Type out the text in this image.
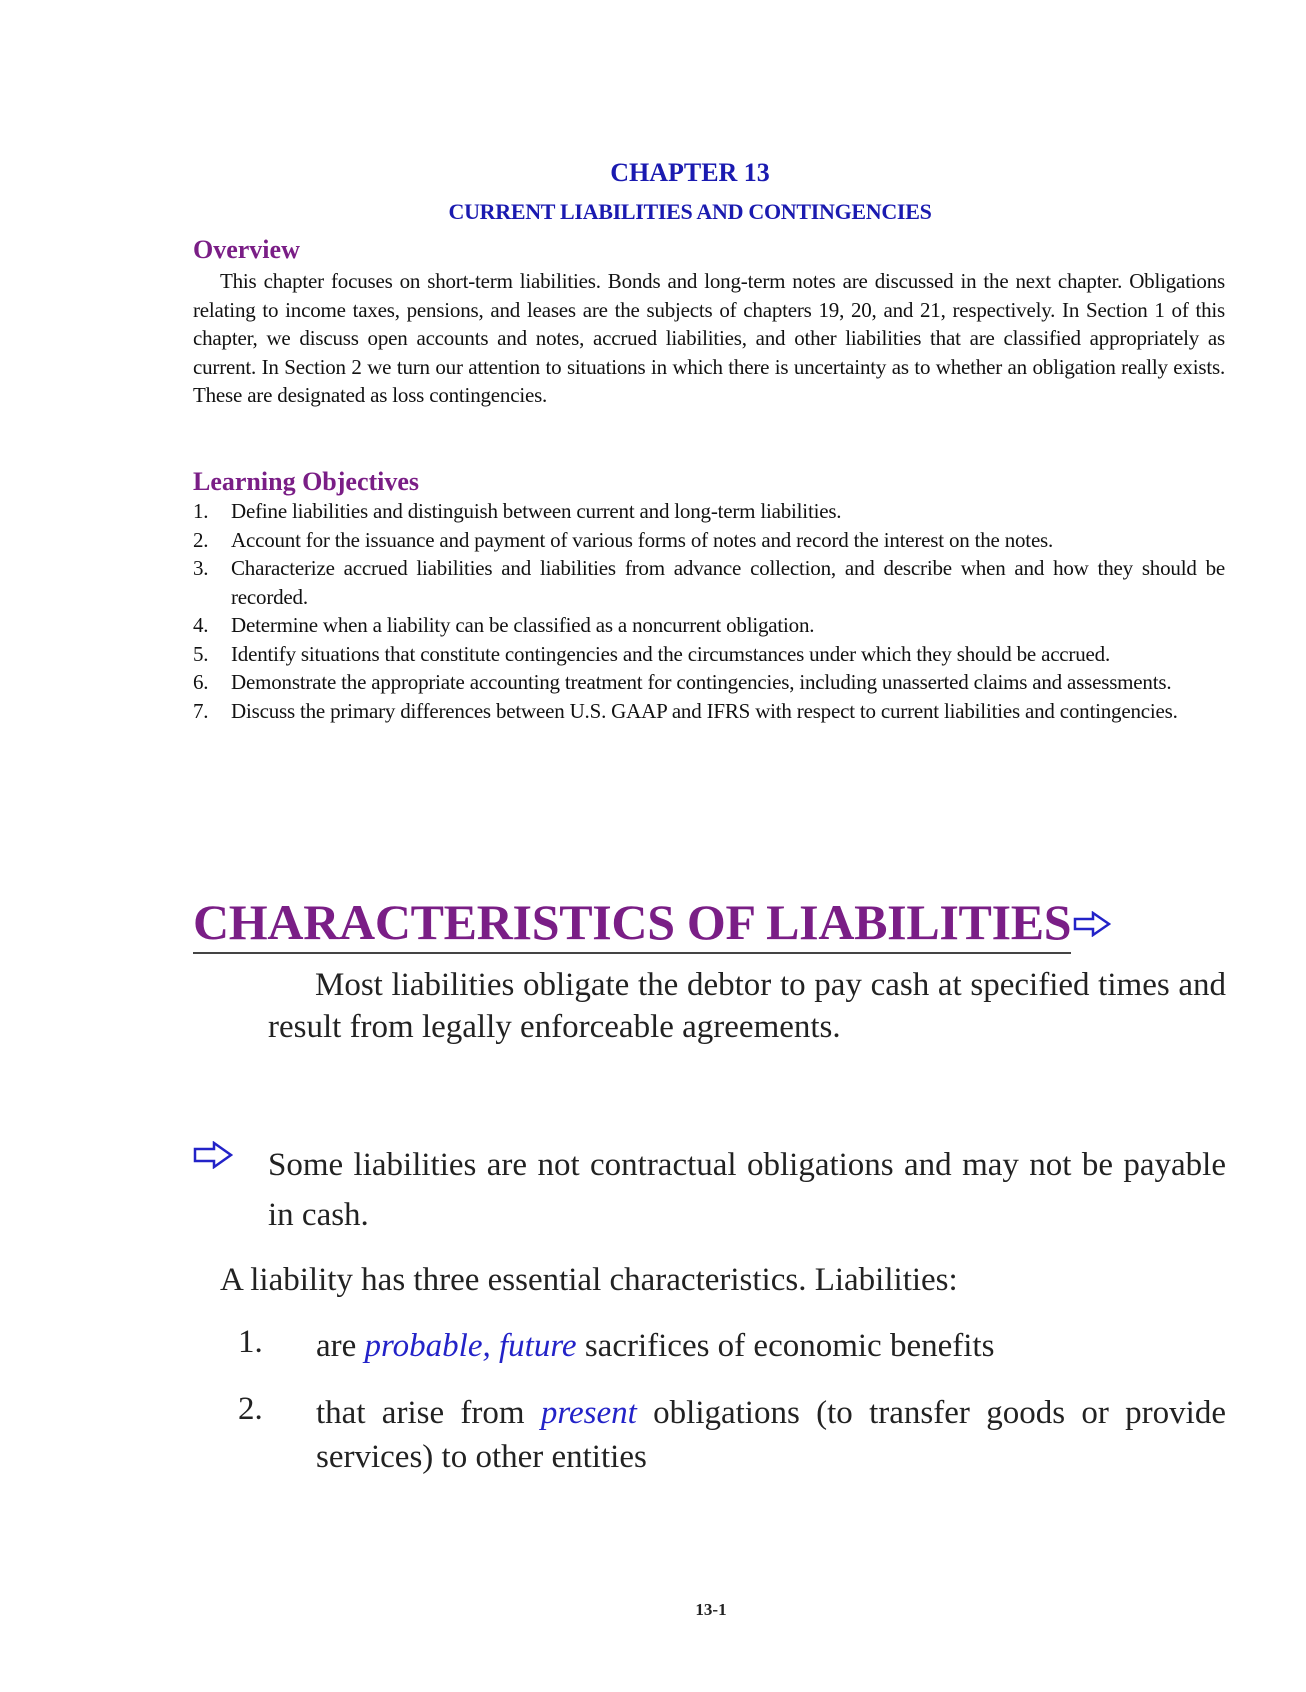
CHAPTER 13
CURRENT LIABILITIES AND CONTINGENCIES
Overview
This chapter focuses on short-term liabilities. Bonds and long-term notes are discussed in the next chapter. Obligations relating to income taxes, pensions, and leases are the subjects of chapters 19, 20, and 21, respectively. In Section 1 of this chapter, we discuss open accounts and notes, accrued liabilities, and other liabilities that are classified appropriately as current. In Section 2 we turn our attention to situations in which there is uncertainty as to whether an obligation really exists. These are designated as loss contingencies.
Learning Objectives
1. Define liabilities and distinguish between current and long-term liabilities.
2. Account for the issuance and payment of various forms of notes and record the interest on the notes.
3. Characterize accrued liabilities and liabilities from advance collection, and describe when and how they should be recorded.
4. Determine when a liability can be classified as a noncurrent obligation.
5. Identify situations that constitute contingencies and the circumstances under which they should be accrued.
6. Demonstrate the appropriate accounting treatment for contingencies, including unasserted claims and assessments.
7. Discuss the primary differences between U.S. GAAP and IFRS with respect to current liabilities and contingencies.
CHARACTERISTICS OF LIABILITIES
Most liabilities obligate the debtor to pay cash at specified times and result from legally enforceable agreements.
Some liabilities are not contractual obligations and may not be payable in cash.
A liability has three essential characteristics. Liabilities:
1. are probable, future sacrifices of economic benefits
2. that arise from present obligations (to transfer goods or provide services) to other entities
13-1
